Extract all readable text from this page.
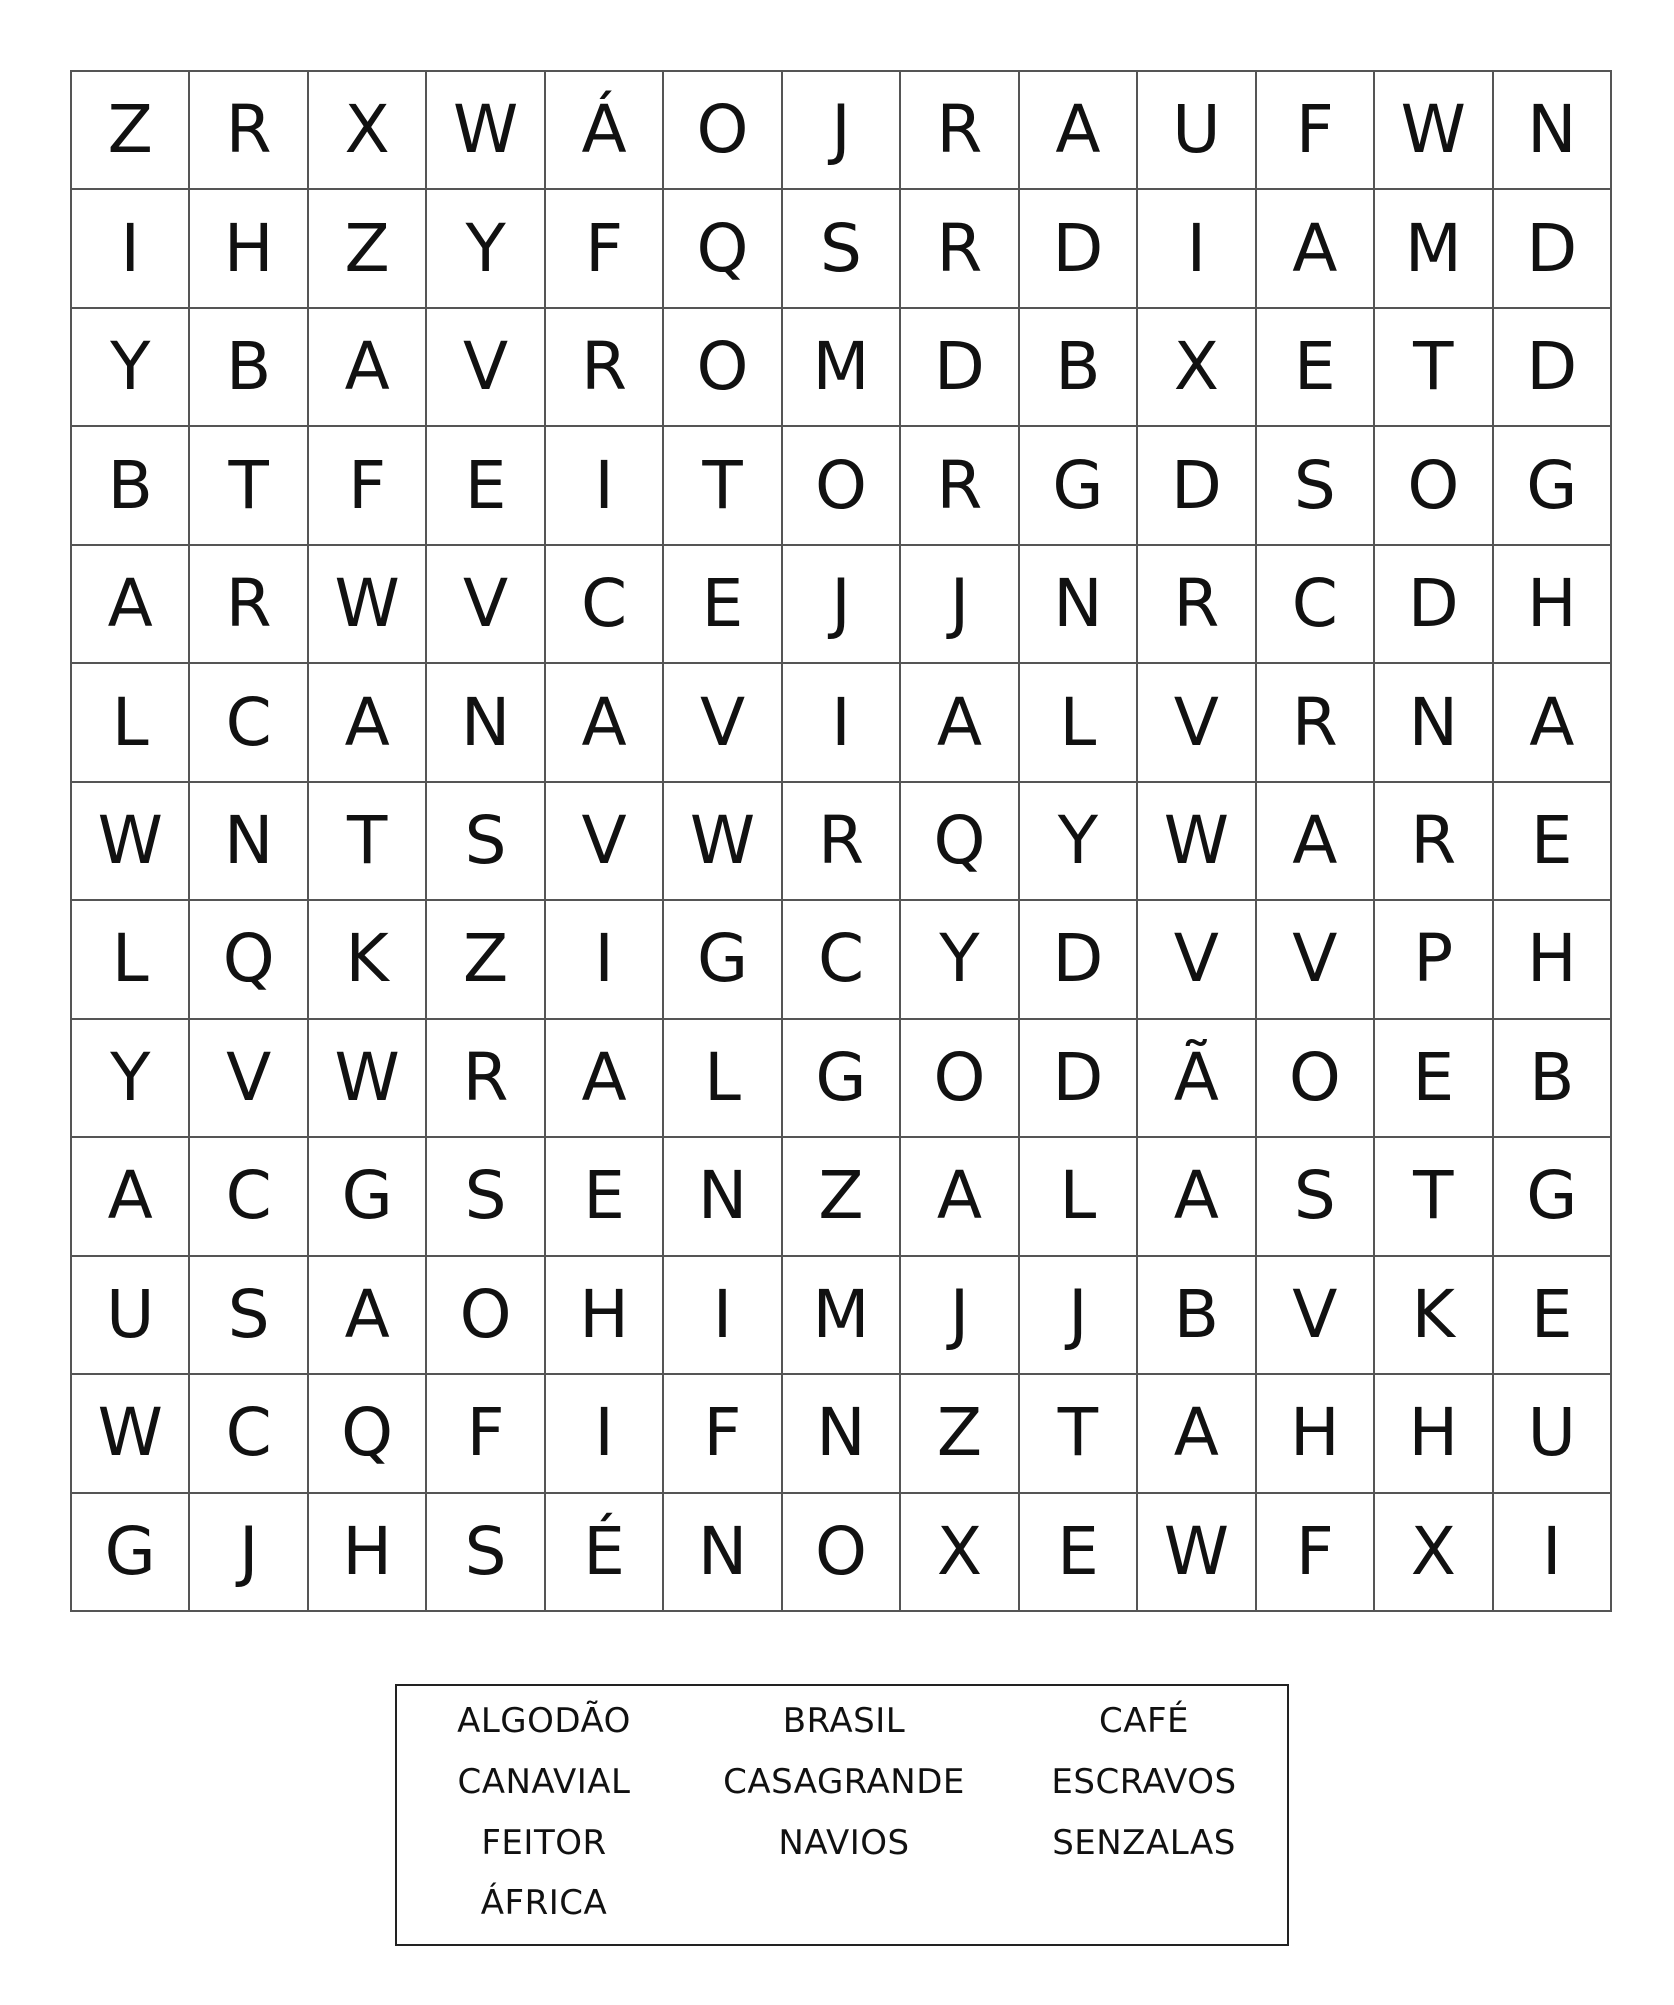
Z	R	X W Á	O	J	R	A	U	F	W N
I	H	Z	Y	F	Q	S	R	D	I	A	M D
Y	B	A	V	R	O M D	B	X	E	T	D
B	T	F	E	I	T	O	R	G	D	S	O	G
A	R W V	C	E	J	J	N	R	C	D	H
L	C	A	N	A	V	I	A	L	V	R	N	A
W N	T	S	V W R	Q	Y W A	R	E
L	Q	K	Z	I	G	C	Y	D	V	V	P	H
Y	V W R	A	L	G	O	D	Ã	O	E	B
A	C	G	S	E	N	Z	A	L	A	S	T	G
U	S	A	O	H	I	M	J	J	B	V	K	E
W C	Q	F	I	F	N	Z	T	A	H	H	U
G	J	H	S	É	N	O	X	E W	F	X	I
ALGODÃO	BRASIL	CAFÉ
CANAVIAL	CASAGRANDE	ESCRAVOS
FEITOR	NAVIOS	SENZALAS
ÁFRICA
